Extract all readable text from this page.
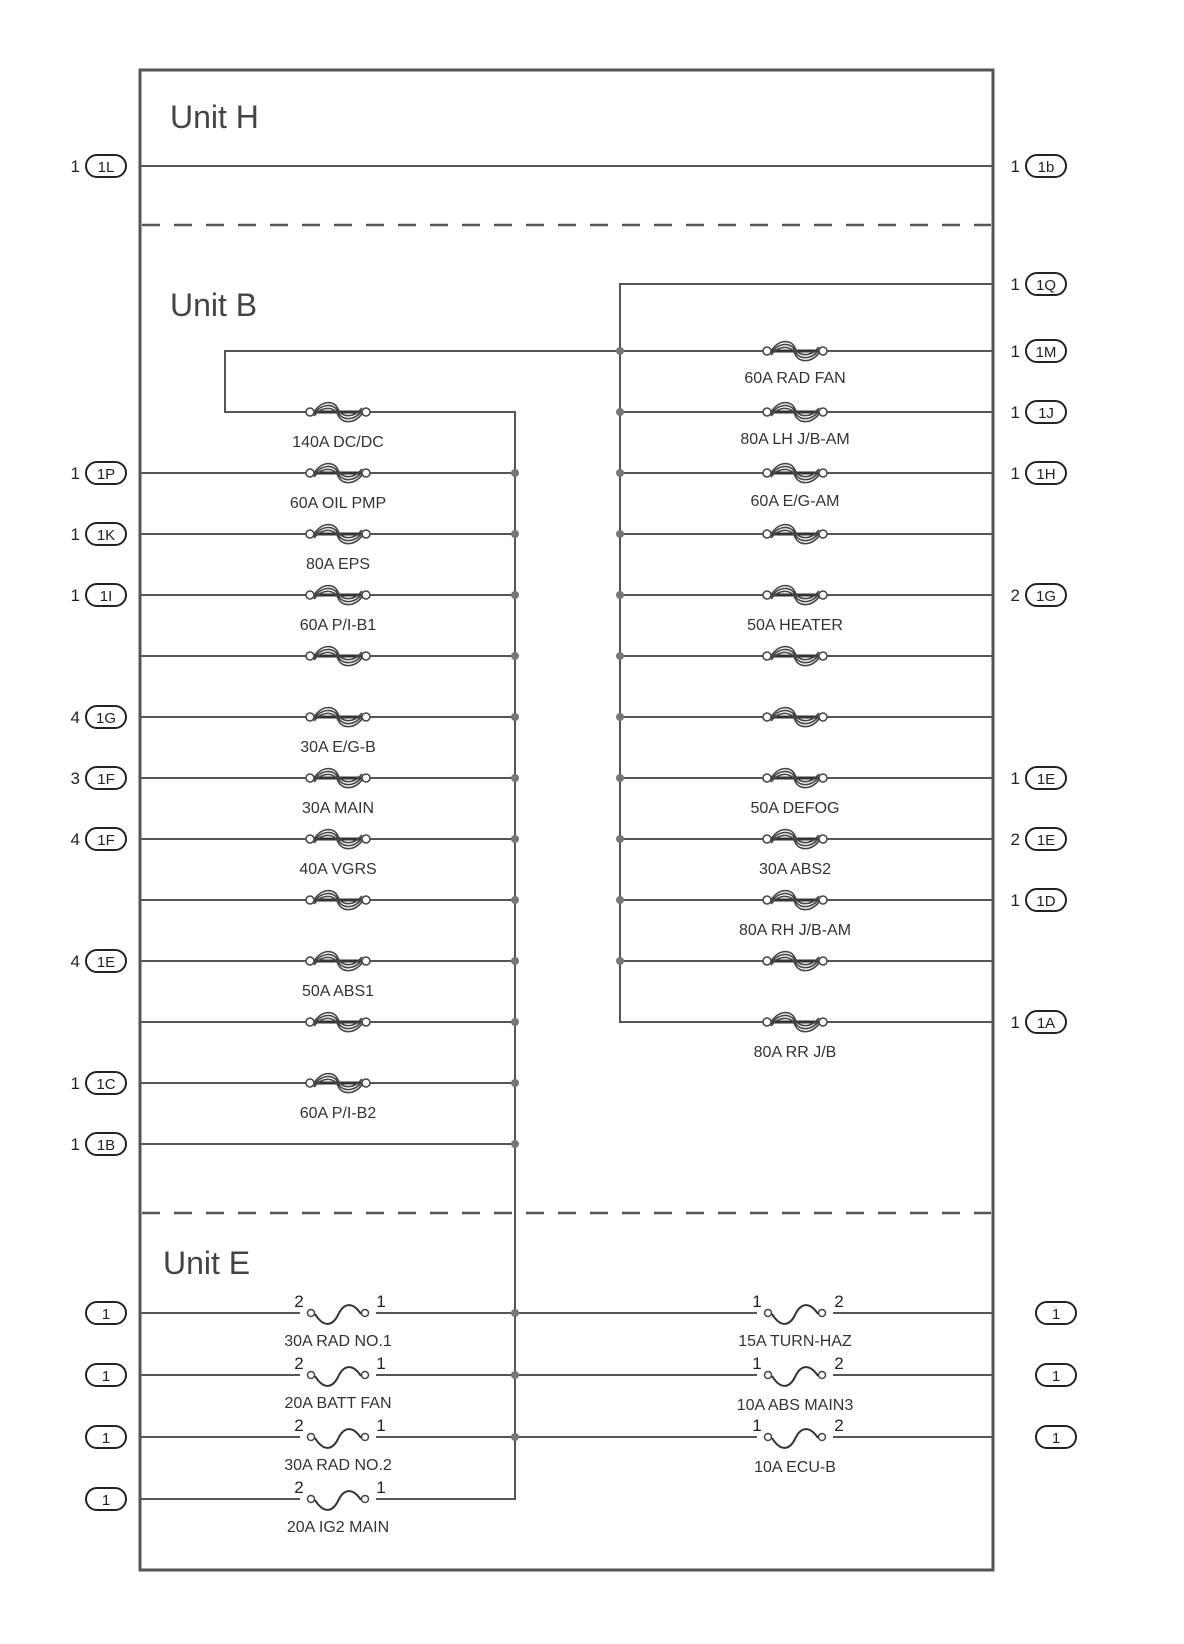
Unit H
Unit B
Unit E
1 1L	1 1b
140A DC/DC
60A OIL PMP
80A EPS
60A P/I-B1
30A E/G-B
30A MAIN
40A VGRS
50A ABS1
60A P/I-B2
60A RAD FAN
80A LH J/B-AM
60A E/G-AM
50A HEATER
50A DEFOG
30A ABS2
80A RH J/B-AM
80A RR J/B
1 1P
1 1K
1 1I
4 1G
3 1F
4 1F
4 1E
1 1C
1 1B
1 1Q
1 1M
1 1J
1 1H
2 1G
1 1E
2 1E
1 1D
1 1A
2	1
2	1
2	1
2	1
1	2
1	2
1	2
30A RAD NO.1
20A BATT FAN
30A RAD NO.2
20A IG2 MAIN
15A TURN-HAZ
10A ABS MAIN3
10A ECU-B
1
1
1
1
1
1
1
